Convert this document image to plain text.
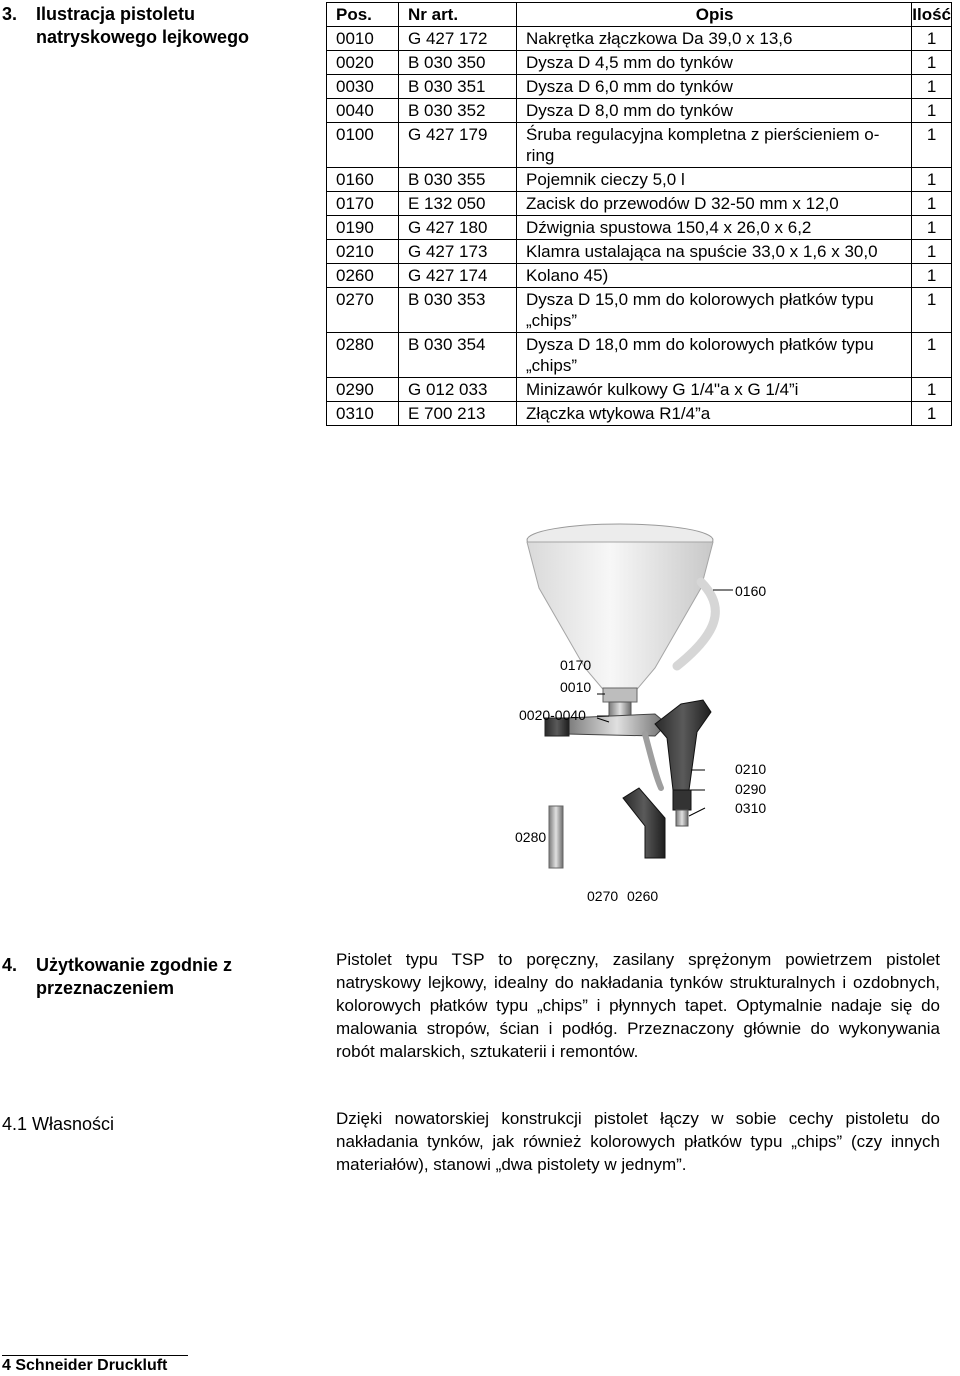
3. Ilustracja pistoletu natryskowego lejkowego
Pos.	Nr art.	Opis	Ilość
0010	G 427 172	Nakrętka złączkowa Da 39,0 x 13,6	1
0020	B 030 350	Dysza D 4,5 mm do tynków	1
0030	B 030 351	Dysza D 6,0 mm do tynków	1
0040	B 030 352	Dysza D 8,0 mm do tynków	1
0100	G 427 179	Śruba regulacyjna kompletna z pierścieniem o-ring	1
0160	B 030 355	Pojemnik cieczy 5,0 l	1
0170	E 132 050	Zacisk do przewodów D 32-50 mm x 12,0	1
0190	G 427 180	Dźwignia spustowa 150,4 x 26,0 x 6,2	1
0210	G 427 173	Klamra ustalająca na spuście 33,0 x 1,6 x 30,0	1
0260	G 427 174	Kolano 45)	1
0270	B 030 353	Dysza D 15,0 mm do kolorowych płatków typu „chips”	1
0280	B 030 354	Dysza D 18,0 mm do kolorowych płatków typu „chips”	1
0290	G 012 033	Minizawór kulkowy G 1/4"a x G 1/4”i	1
0310	E 700 213	Złączka wtykowa R1/4”a	1
0160
0170
0010
0020-0040
0210
0290
0310
0280
0270 0260
4. Użytkowanie zgodnie z przeznaczeniem
Pistolet typu TSP to poręczny, zasilany sprężonym powietrzem pistolet natryskowy lejkowy, idealny do nakładania tynków strukturalnych i ozdobnych, kolorowych płatków typu „chips” i płynnych tapet. Optymalnie nadaje się do malowania stropów, ścian i podłóg. Przeznaczony głównie do wykonywania robót malarskich, sztukaterii i remontów.
4.1 Własności	Dzięki nowatorskiej konstrukcji pistolet łączy w sobie cechy pistoletu do nakładania tynków, jak również kolorowych płatków typu „chips” (czy innych materiałów), stanowi „dwa pistolety w jednym”.
4 Schneider Druckluft
